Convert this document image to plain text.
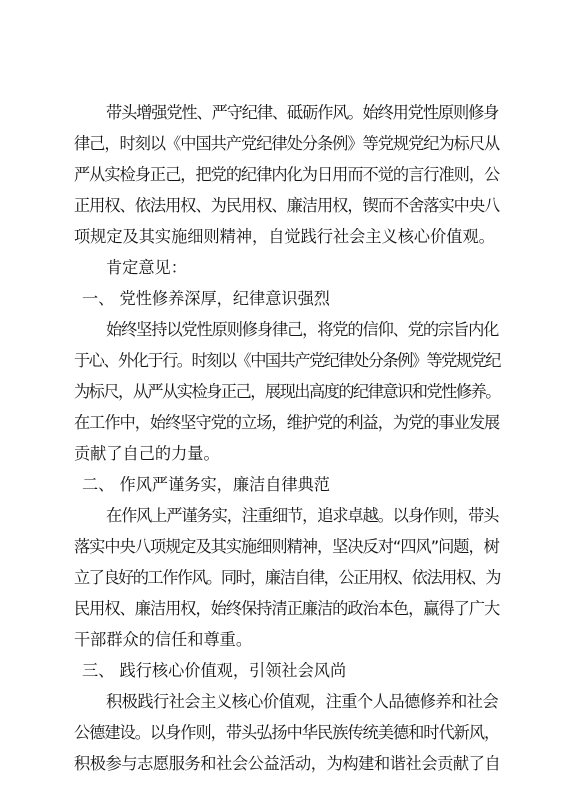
带头增强党性、严守纪律、砥砺作风。始终用党性原则修身
律己，时刻以《中国共产党纪律处分条例》等党规党纪为标尺从
严从实检身正己，把党的纪律内化为日用而不觉的言行准则，公
正用权、依法用权、为民用权、廉洁用权，锲而不舍落实中央八
项规定及其实施细则精神，自觉践行社会主义核心价值观。
肯定意见：
一、 党性修养深厚，纪律意识强烈
始终坚持以党性原则修身律己，将党的信仰、党的宗旨内化
于心、外化于行。时刻以《中国共产党纪律处分条例》等党规党纪
为标尺，从严从实检身正己，展现出高度的纪律意识和党性修养。
在工作中，始终坚守党的立场，维护党的利益，为党的事业发展
贡献了自己的力量。
二、 作风严谨务实，廉洁自律典范
在作风上严谨务实，注重细节，追求卓越。以身作则，带头
落实中央八项规定及其实施细则精神，坚决反对“四风”问题，树
立了良好的工作作风。同时，廉洁自律，公正用权、依法用权、为
民用权、廉洁用权，始终保持清正廉洁的政治本色，赢得了广大
干部群众的信任和尊重。
三、 践行核心价值观，引领社会风尚
积极践行社会主义核心价值观，注重个人品德修养和社会
公德建设。以身作则，带头弘扬中华民族传统美德和时代新风，
积极参与志愿服务和社会公益活动，为构建和谐社会贡献了自
